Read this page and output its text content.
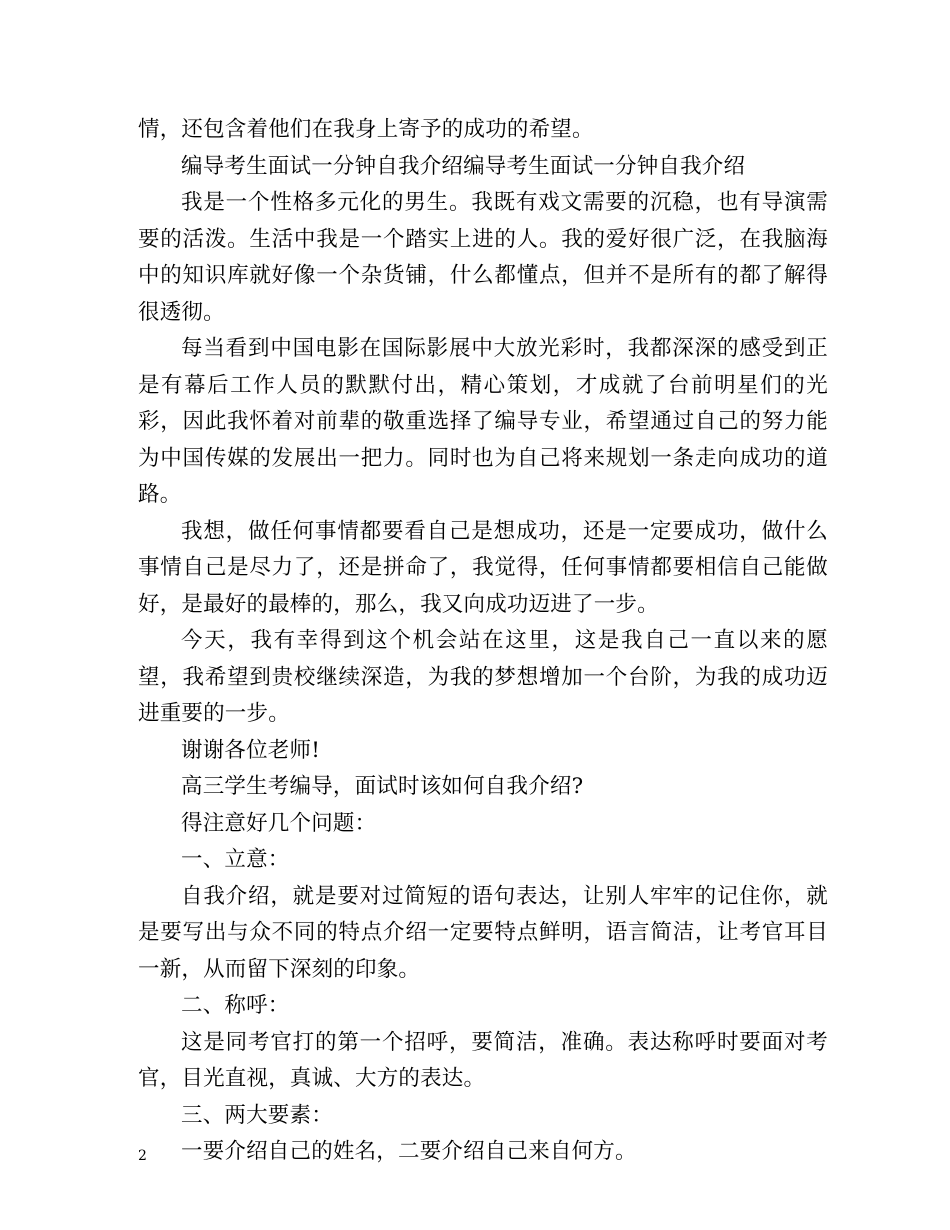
情，还包含着他们在我身上寄予的成功的希望。

编导考生面试一分钟自我介绍编导考生面试一分钟自我介绍

我是一个性格多元化的男生。我既有戏文需要的沉稳，也有导演需要的活泼。生活中我是一个踏实上进的人。我的爱好很广泛，在我脑海中的知识库就好像一个杂货铺，什么都懂点，但并不是所有的都了解得很透彻。

每当看到中国电影在国际影展中大放光彩时，我都深深的感受到正是有幕后工作人员的默默付出，精心策划，才成就了台前明星们的光彩，因此我怀着对前辈的敬重选择了编导专业，希望通过自己的努力能为中国传媒的发展出一把力。同时也为自己将来规划一条走向成功的道路。

我想，做任何事情都要看自己是想成功，还是一定要成功，做什么事情自己是尽力了，还是拼命了，我觉得，任何事情都要相信自己能做好，是最好的最棒的，那么，我又向成功迈进了一步。

今天，我有幸得到这个机会站在这里，这是我自己一直以来的愿望，我希望到贵校继续深造，为我的梦想增加一个台阶，为我的成功迈进重要的一步。

谢谢各位老师!

高三学生考编导，面试时该如何自我介绍?

得注意好几个问题：

一、立意：

自我介绍，就是要对过简短的语句表达，让别人牢牢的记住你，就是要写出与众不同的特点介绍一定要特点鲜明，语言简洁，让考官耳目一新，从而留下深刻的印象。

二、称呼：

这是同考官打的第一个招呼，要简洁，准确。表达称呼时要面对考官，目光直视，真诚、大方的表达。

三、两大要素：

一要介绍自己的姓名，二要介绍自己来自何方。

2
